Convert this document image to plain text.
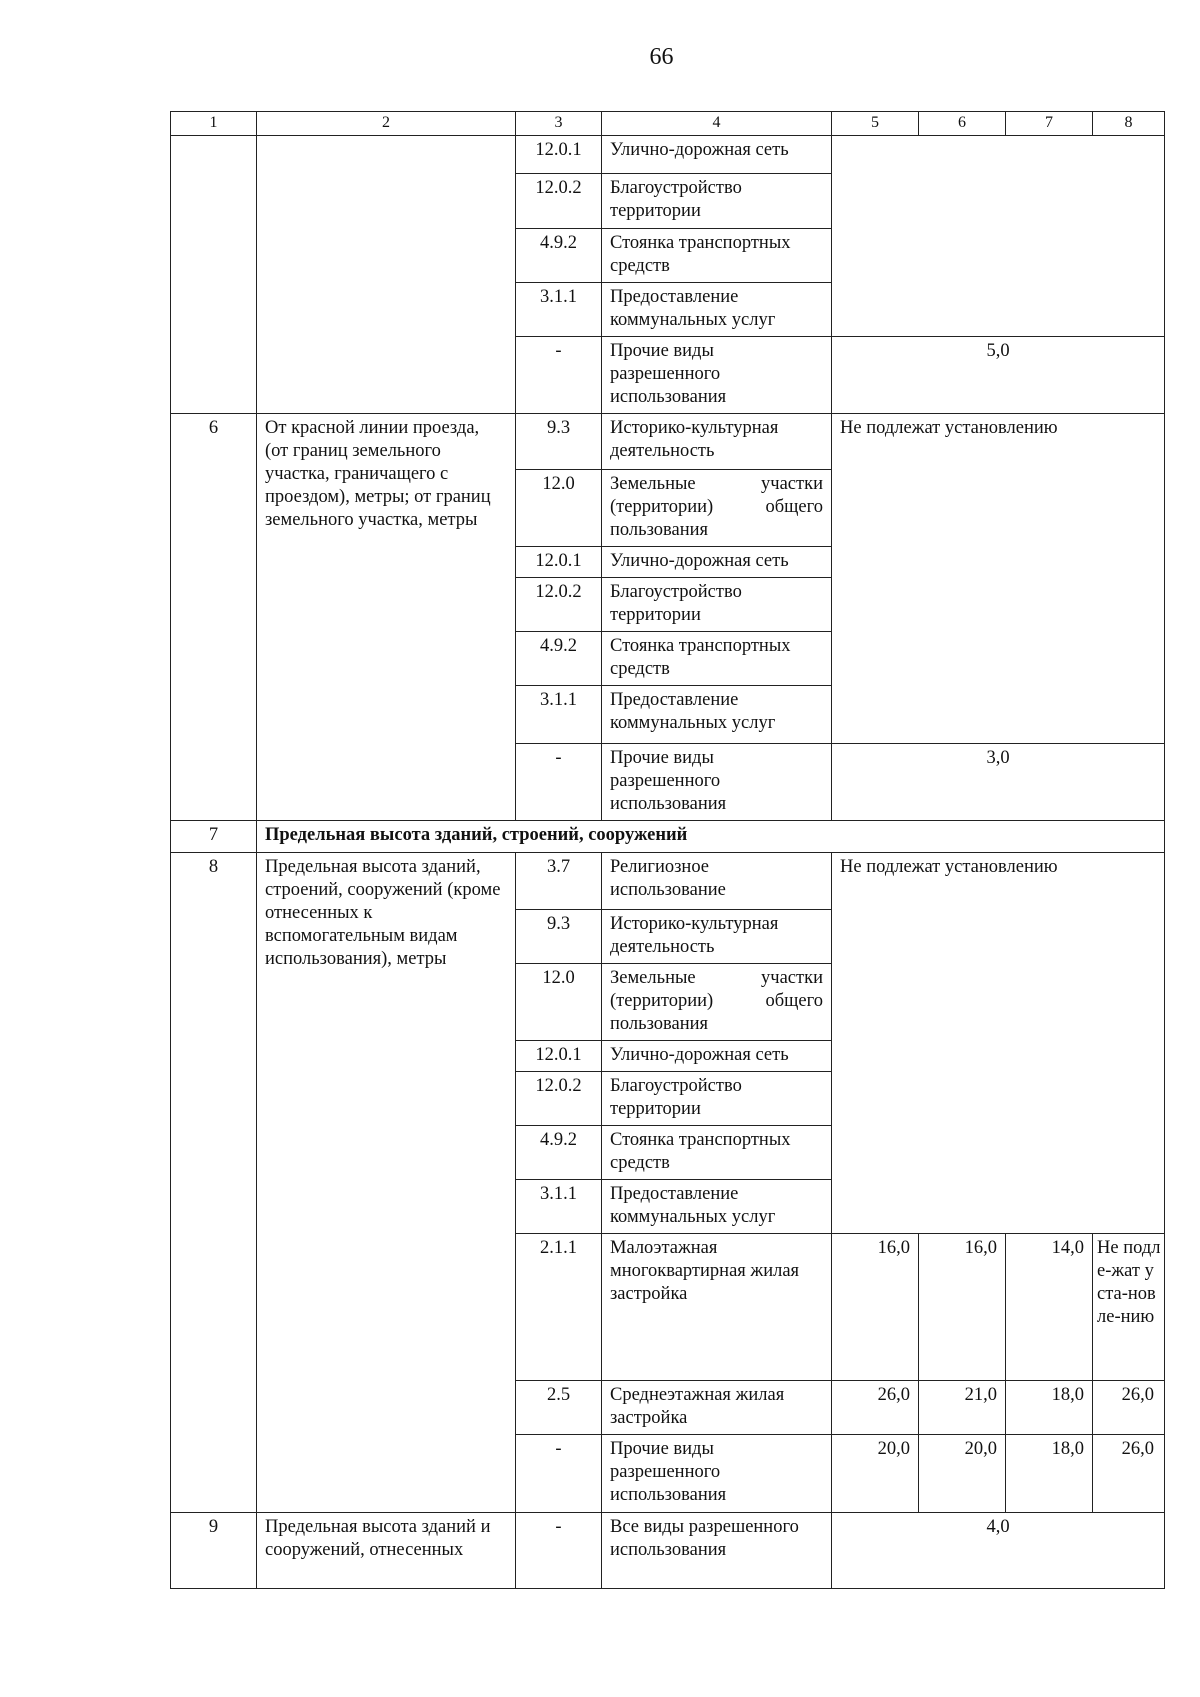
66
1	2	3	4	5	6	7	8
		12.0.1	Улично-дорожная сеть				
		12.0.2	Благоустройство территории				
		4.9.2	Стоянка транспортных средств				
		3.1.1	Предоставление коммунальных услуг				
		-	Прочие виды разрешенного использования	5,0			
6	От красной линии проезда, (от границ земельного участка, граничащего с проездом), метры; от границ земельного участка, метры	9.3	Историко-культурная деятельность	Не подлежат установлению			
		12.0	Земельные участки (территории) общего пользования				
		12.0.1	Улично-дорожная сеть				
		12.0.2	Благоустройство территории				
		4.9.2	Стоянка транспортных средств				
		3.1.1	Предоставление коммунальных услуг				
		-	Прочие виды разрешенного использования	3,0			
7	Предельная высота зданий, строений, сооружений						
8	Предельная высота зданий, строений, сооружений (кроме отнесенных к вспомогательным видам использования), метры	3.7	Религиозное использование	Не подлежат установлению			
		9.3	Историко-культурная деятельность				
		12.0	Земельные участки (территории) общего пользования				
		12.0.1	Улично-дорожная сеть				
		12.0.2	Благоустройство территории				
		4.9.2	Стоянка транспортных средств				
		3.1.1	Предоставление коммунальных услуг				
		2.1.1	Малоэтажная многоквартирная жилая застройка	16,0	16,0	14,0	Не подле-жат уста-новле-нию
		2.5	Среднеэтажная жилая застройка	26,0	21,0	18,0	26,0
		-	Прочие виды разрешенного использования	20,0	20,0	18,0	26,0
9	Предельная высота зданий и сооружений, отнесенных	-	Все виды разрешенного использования	4,0			
